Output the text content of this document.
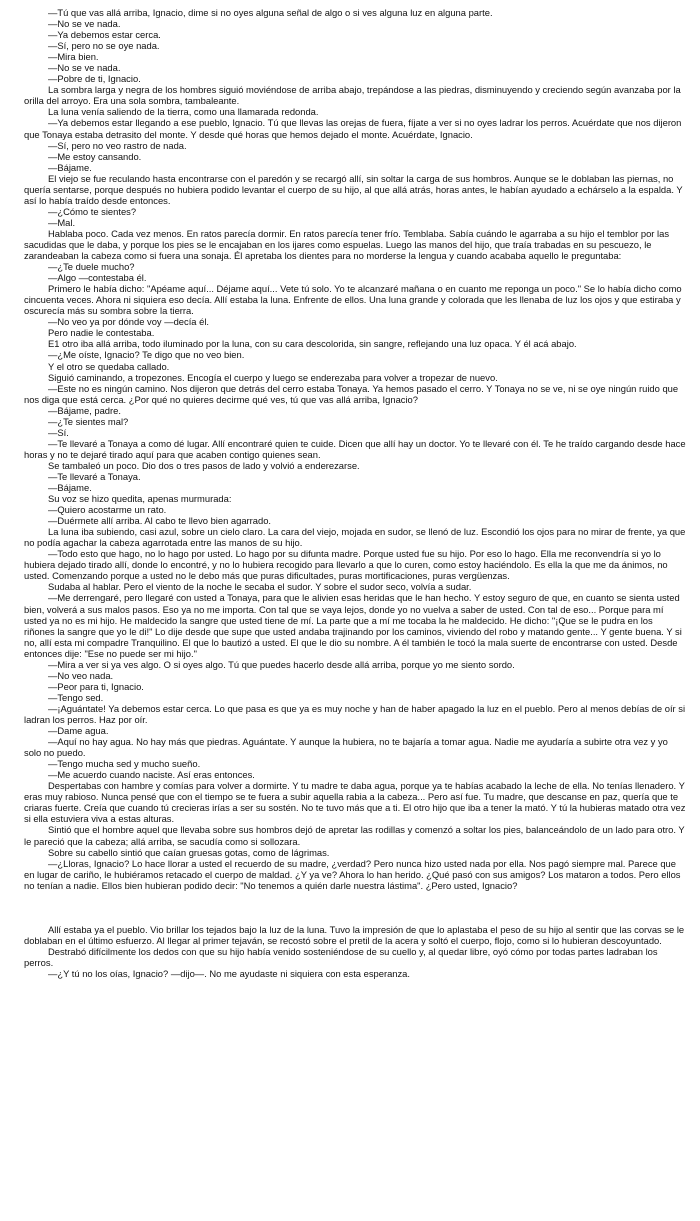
—Tú que vas allá arriba, Ignacio, dime si no oyes alguna señal de algo o si ves alguna luz en alguna parte.

—No se ve nada.

—Ya debemos estar cerca.

—Sí, pero no se oye nada.

—Mira bien.

—No se ve nada.

—Pobre de ti, Ignacio.

La sombra larga y negra de los hombres siguió moviéndose de arriba abajo, trepándose a las piedras, disminuyendo y creciendo según avanzaba por la orilla del arroyo. Era una sola sombra, tambaleante.

La luna venía saliendo de la tierra, como una llamarada redonda.

—Ya debemos estar llegando a ese pueblo, Ignacio. Tú que llevas las orejas de fuera, fíjate a ver si no oyes ladrar los perros. Acuérdate que nos dijeron que Tonaya estaba detrasito del monte. Y desde qué horas que hemos dejado el monte. Acuérdate, Ignacio.

—Sí, pero no veo rastro de nada.

—Me estoy cansando.

—Bájame.

El viejo se fue reculando hasta encontrarse con el paredón y se recargó allí, sin soltar la carga de sus hombros. Aunque se le doblaban las piernas, no quería sentarse, porque después no hubiera podido levantar el cuerpo de su hijo, al que allá atrás, horas antes, le habían ayudado a echárselo a la espalda. Y así lo había traído desde entonces.

—¿Cómo te sientes?

—Mal.

Hablaba poco. Cada vez menos. En ratos parecía dormir. En ratos parecía tener frío. Temblaba. Sabía cuándo le agarraba a su hijo el temblor por las sacudidas que le daba, y porque los pies se le encajaban en los ijares como espuelas. Luego las manos del hijo, que traía trabadas en su pescuezo, le zarandeaban la cabeza como si fuera una sonaja. Él apretaba los dientes para no morderse la lengua y cuando acababa aquello le preguntaba:

—¿Te duele mucho?

—Algo —contestaba él.

Primero le había dicho: "Apéame aquí... Déjame aquí... Vete tú solo. Yo te alcanzaré mañana o en cuanto me reponga un poco." Se lo había dicho como cincuenta veces. Ahora ni siquiera eso decía. Allí estaba la luna. Enfrente de ellos. Una luna grande y colorada que les llenaba de luz los ojos y que estiraba y oscurecía más su sombra sobre la tierra.

—No veo ya por dónde voy —decía él.

Pero nadie le contestaba.

E1 otro iba allá arriba, todo iluminado por la luna, con su cara descolorida, sin sangre, reflejando una luz opaca. Y él acá abajo.

—¿Me oíste, Ignacio? Te digo que no veo bien.

Y el otro se quedaba callado.

Siguió caminando, a tropezones. Encogía el cuerpo y luego se enderezaba para volver a tropezar de nuevo.

—Este no es ningún camino. Nos dijeron que detrás del cerro estaba Tonaya. Ya hemos pasado el cerro. Y Tonaya no se ve, ni se oye ningún ruido que nos diga que está cerca. ¿Por qué no quieres decirme qué ves, tú que vas allá arriba, Ignacio?

—Bájame, padre.

—¿Te sientes mal?

—Sí.

—Te llevaré a Tonaya a como dé lugar. Allí encontraré quien te cuide. Dicen que allí hay un doctor. Yo te llevaré con él. Te he traído cargando desde hace horas y no te dejaré tirado aquí para que acaben contigo quienes sean.

Se tambaleó un poco. Dio dos o tres pasos de lado y volvió a enderezarse.

—Te llevaré a Tonaya.

—Bájame.

Su voz se hizo quedita, apenas murmurada:

—Quiero acostarme un rato.

—Duérmete allí arriba. Al cabo te llevo bien agarrado.

La luna iba subiendo, casi azul, sobre un cielo claro. La cara del viejo, mojada en sudor, se llenó de luz. Escondió los ojos para no mirar de frente, ya que no podía agachar la cabeza agarrotada entre las manos de su hijo.

—Todo esto que hago, no lo hago por usted. Lo hago por su difunta madre. Porque usted fue su hijo. Por eso lo hago. Ella me reconvendría si yo lo hubiera dejado tirado allí, donde lo encontré, y no lo hubiera recogido para llevarlo a que lo curen, como estoy haciéndolo. Es ella la que me da ánimos, no usted. Comenzando porque a usted no le debo más que puras dificultades, puras mortificaciones, puras vergüenzas.

Sudaba al hablar. Pero el viento de la noche le secaba el sudor. Y sobre el sudor seco, volvía a sudar.

—Me derrengaré, pero llegaré con usted a Tonaya, para que le alivien esas heridas que le han hecho. Y estoy seguro de que, en cuanto se sienta usted bien, volverá a sus malos pasos. Eso ya no me importa. Con tal que se vaya lejos, donde yo no vuelva a saber de usted. Con tal de eso... Porque para mí usted ya no es mi hijo. He maldecido la sangre que usted tiene de mí. La parte que a mí me tocaba la he maldecido. He dicho: "¡Que se le pudra en los riñones la sangre que yo le di!" Lo dije desde que supe que usted andaba trajinando por los caminos, viviendo del robo y matando gente... Y gente buena. Y si no, allí esta mi compadre Tranquilino. El que lo bautizó a usted. El que le dio su nombre. A él también le tocó la mala suerte de encontrarse con usted. Desde entonces dije: "Ese no puede ser mi hijo."

—Mira a ver si ya ves algo. O si oyes algo. Tú que puedes hacerlo desde allá arriba, porque yo me siento sordo.

—No veo nada.

—Peor para ti, Ignacio.

—Tengo sed.

—¡Aguántate! Ya debemos estar cerca. Lo que pasa es que ya es muy noche y han de haber apagado la luz en el pueblo. Pero al menos debías de oír si ladran los perros. Haz por oír.

—Dame agua.

—Aquí no hay agua. No hay más que piedras. Aguántate. Y aunque la hubiera, no te bajaría a tomar agua. Nadie me ayudaría a subirte otra vez y yo solo no puedo.

—Tengo mucha sed y mucho sueño.

—Me acuerdo cuando naciste. Así eras entonces.

Despertabas con hambre y comías para volver a dormirte. Y tu madre te daba agua, porque ya te habías acabado la leche de ella. No tenías llenadero. Y eras muy rabioso. Nunca pensé que con el tiempo se te fuera a subir aquella rabia a la cabeza... Pero así fue. Tu madre, que descanse en paz, quería que te criaras fuerte. Creía que cuando tú crecieras irías a ser su sostén. No te tuvo más que a ti. El otro hijo que iba a tener la mató. Y tú la hubieras matado otra vez si ella estuviera viva a estas alturas.

Sintió que el hombre aquel que llevaba sobre sus hombros dejó de apretar las rodillas y comenzó a soltar los pies, balanceándolo de un lado para otro. Y le pareció que la cabeza; allá arriba, se sacudía como si sollozara.

Sobre su cabello sintió que caían gruesas gotas, como de lágrimas.

—¿Lloras, Ignacio? Lo hace llorar a usted el recuerdo de su madre, ¿verdad? Pero nunca hizo usted nada por ella. Nos pagó siempre mal. Parece que en lugar de cariño, le hubiéramos retacado el cuerpo de maldad. ¿Y ya ve? Ahora lo han herido. ¿Qué pasó con sus amigos? Los mataron a todos. Pero ellos no tenían a nadie. Ellos bien hubieran podido decir: "No tenemos a quién darle nuestra lástima". ¿Pero usted, Ignacio?

Allí estaba ya el pueblo. Vio brillar los tejados bajo la luz de la luna. Tuvo la impresión de que lo aplastaba el peso de su hijo al sentir que las corvas se le doblaban en el último esfuerzo. Al llegar al primer tejaván, se recostó sobre el pretil de la acera y soltó el cuerpo, flojo, como si lo hubieran descoyuntado.

Destrabó difícilmente los dedos con que su hijo había venido sosteniéndose de su cuello y, al quedar libre, oyó cómo por todas partes ladraban los perros.

—¿Y tú no los oías, Ignacio? —dijo—. No me ayudaste ni siquiera con esta esperanza.
